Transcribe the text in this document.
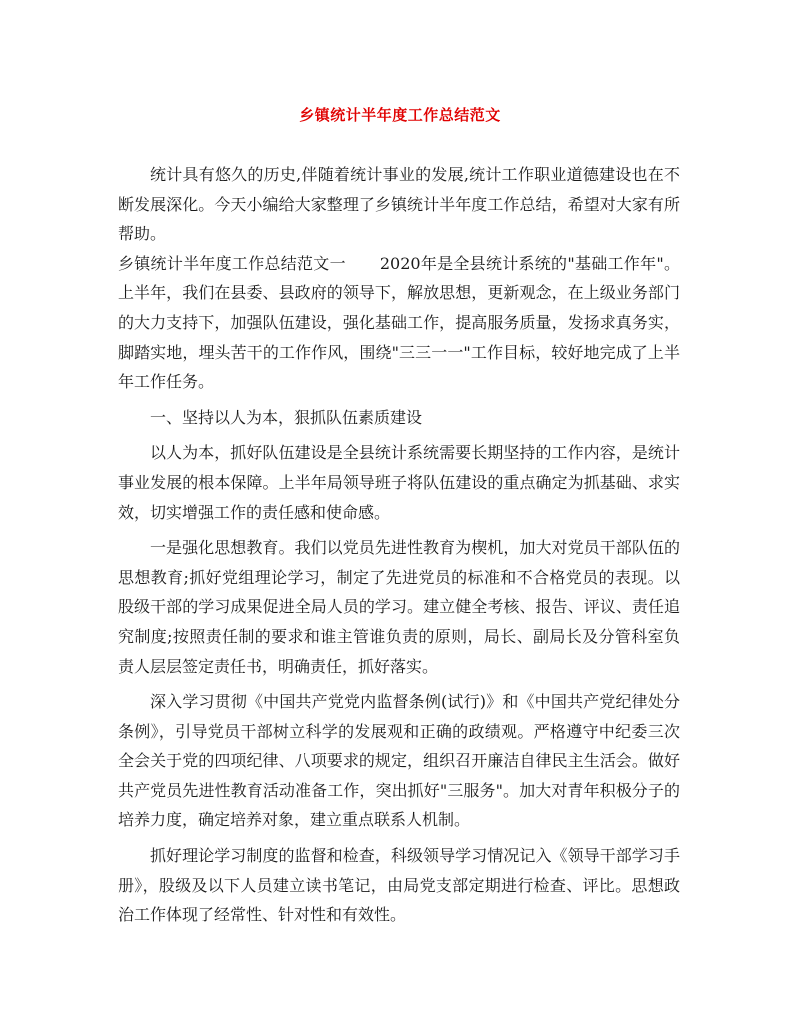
乡镇统计半年度工作总结范文

统计具有悠久的历史,伴随着统计事业的发展,统计工作职业道德建设也在不断发展深化。今天小编给大家整理了乡镇统计半年度工作总结，希望对大家有所帮助。

乡镇统计半年度工作总结范文一 2020年是全县统计系统的"基础工作年"。上半年，我们在县委、县政府的领导下，解放思想，更新观念，在上级业务部门的大力支持下，加强队伍建设，强化基础工作，提高服务质量，发扬求真务实，脚踏实地，埋头苦干的工作作风，围绕"三三一一"工作目标，较好地完成了上半年工作任务。

一、坚持以人为本，狠抓队伍素质建设

以人为本，抓好队伍建设是全县统计系统需要长期坚持的工作内容，是统计事业发展的根本保障。上半年局领导班子将队伍建设的重点确定为抓基础、求实效，切实增强工作的责任感和使命感。

一是强化思想教育。我们以党员先进性教育为楔机，加大对党员干部队伍的思想教育;抓好党组理论学习，制定了先进党员的标准和不合格党员的表现。以股级干部的学习成果促进全局人员的学习。建立健全考核、报告、评议、责任追究制度;按照责任制的要求和谁主管谁负责的原则，局长、副局长及分管科室负责人层层签定责任书，明确责任，抓好落实。

深入学习贯彻《中国共产党党内监督条例(试行)》和《中国共产党纪律处分条例》，引导党员干部树立科学的发展观和正确的政绩观。严格遵守中纪委三次全会关于党的四项纪律、八项要求的规定，组织召开廉洁自律民主生活会。做好共产党员先进性教育活动准备工作，突出抓好"三服务"。加大对青年积极分子的培养力度，确定培养对象，建立重点联系人机制。

抓好理论学习制度的监督和检查，科级领导学习情况记入《领导干部学习手册》，股级及以下人员建立读书笔记，由局党支部定期进行检查、评比。思想政治工作体现了经常性、针对性和有效性。
